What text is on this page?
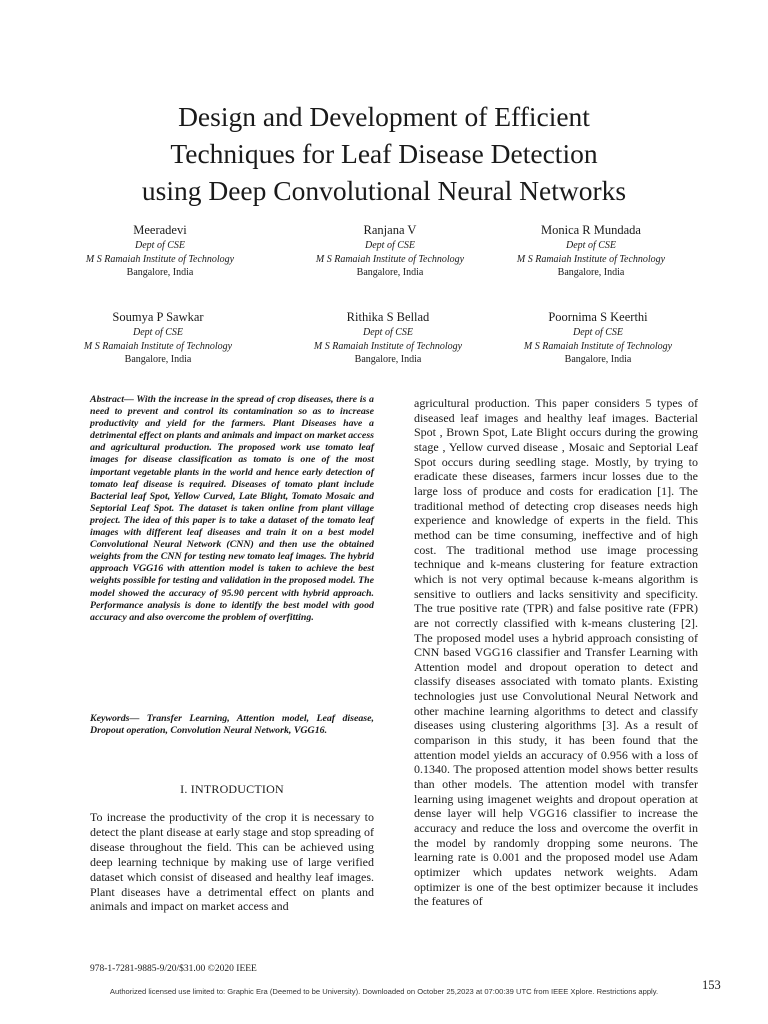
Design and Development of Efficient
Techniques for Leaf Disease Detection
using Deep Convolutional Neural Networks
Meeradevi
Dept of CSE
M S Ramaiah Institute of Technology
Bangalore, India
Ranjana V
Dept of CSE
M S Ramaiah Institute of Technology
Bangalore, India
Monica R Mundada
Dept of CSE
M S Ramaiah Institute of Technology
Bangalore, India
Soumya P Sawkar
Dept of CSE
M S Ramaiah Institute of Technology
Bangalore, India
Rithika S Bellad
Dept of CSE
M S Ramaiah Institute of Technology
Bangalore, India
Poornima S Keerthi
Dept of CSE
M S Ramaiah Institute of Technology
Bangalore, India
Abstract— With the increase in the spread of crop diseases, there is a need to prevent and control its contamination so as to increase productivity and yield for the farmers. Plant Diseases have a detrimental effect on plants and animals and impact on market access and agricultural production. The proposed work use tomato leaf images for disease classification as tomato is one of the most important vegetable plants in the world and hence early detection of tomato leaf disease is required. Diseases of tomato plant include Bacterial leaf Spot, Yellow Curved, Late Blight, Tomato Mosaic and Septorial Leaf Spot. The dataset is taken online from plant village project. The idea of this paper is to take a dataset of the tomato leaf images with different leaf diseases and train it on a best model Convolutional Neural Network (CNN) and then use the obtained weights from the CNN for testing new tomato leaf images. The hybrid approach VGG16 with attention model is taken to achieve the best weights possible for testing and validation in the proposed model. The model showed the accuracy of 95.90 percent with hybrid approach. Performance analysis is done to identify the best model with good accuracy and also overcome the problem of overfitting.
Keywords— Transfer Learning, Attention model, Leaf disease, Dropout operation, Convolution Neural Network, VGG16.
I. INTRODUCTION
To increase the productivity of the crop it is necessary to detect the plant disease at early stage and stop spreading of disease throughout the field. This can be achieved using deep learning technique by making use of large verified dataset which consist of diseased and healthy leaf images. Plant diseases have a detrimental effect on plants and animals and impact on market access and
agricultural production. This paper considers 5 types of diseased leaf images and healthy leaf images. Bacterial Spot , Brown Spot, Late Blight occurs during the growing stage , Yellow curved disease , Mosaic and Septorial Leaf Spot occurs during seedling stage. Mostly, by trying to eradicate these diseases, farmers incur losses due to the large loss of produce and costs for eradication [1]. The traditional method of detecting crop diseases needs high experience and knowledge of experts in the field. This method can be time consuming, ineffective and of high cost. The traditional method use image processing technique and k-means clustering for feature extraction which is not very optimal because k-means algorithm is sensitive to outliers and lacks sensitivity and specificity. The true positive rate (TPR) and false positive rate (FPR) are not correctly classified with k-means clustering [2]. The proposed model uses a hybrid approach consisting of CNN based VGG16 classifier and Transfer Learning with Attention model and dropout operation to detect and classify diseases associated with tomato plants. Existing technologies just use Convolutional Neural Network and other machine learning algorithms to detect and classify diseases using clustering algorithms [3]. As a result of comparison in this study, it has been found that the attention model yields an accuracy of 0.956 with a loss of 0.1340. The proposed attention model shows better results than other models. The attention model with transfer learning using imagenet weights and dropout operation at dense layer will help VGG16 classifier to increase the accuracy and reduce the loss and overcome the overfit in the model by randomly dropping some neurons. The learning rate is 0.001 and the proposed model use Adam optimizer which updates network weights. Adam optimizer is one of the best optimizer because it includes the features of
978-1-7281-9885-9/20/$31.00 ©2020 IEEE
153
Authorized licensed use limited to: Graphic Era (Deemed to be University). Downloaded on October 25,2023 at 07:00:39 UTC from IEEE Xplore. Restrictions apply.
